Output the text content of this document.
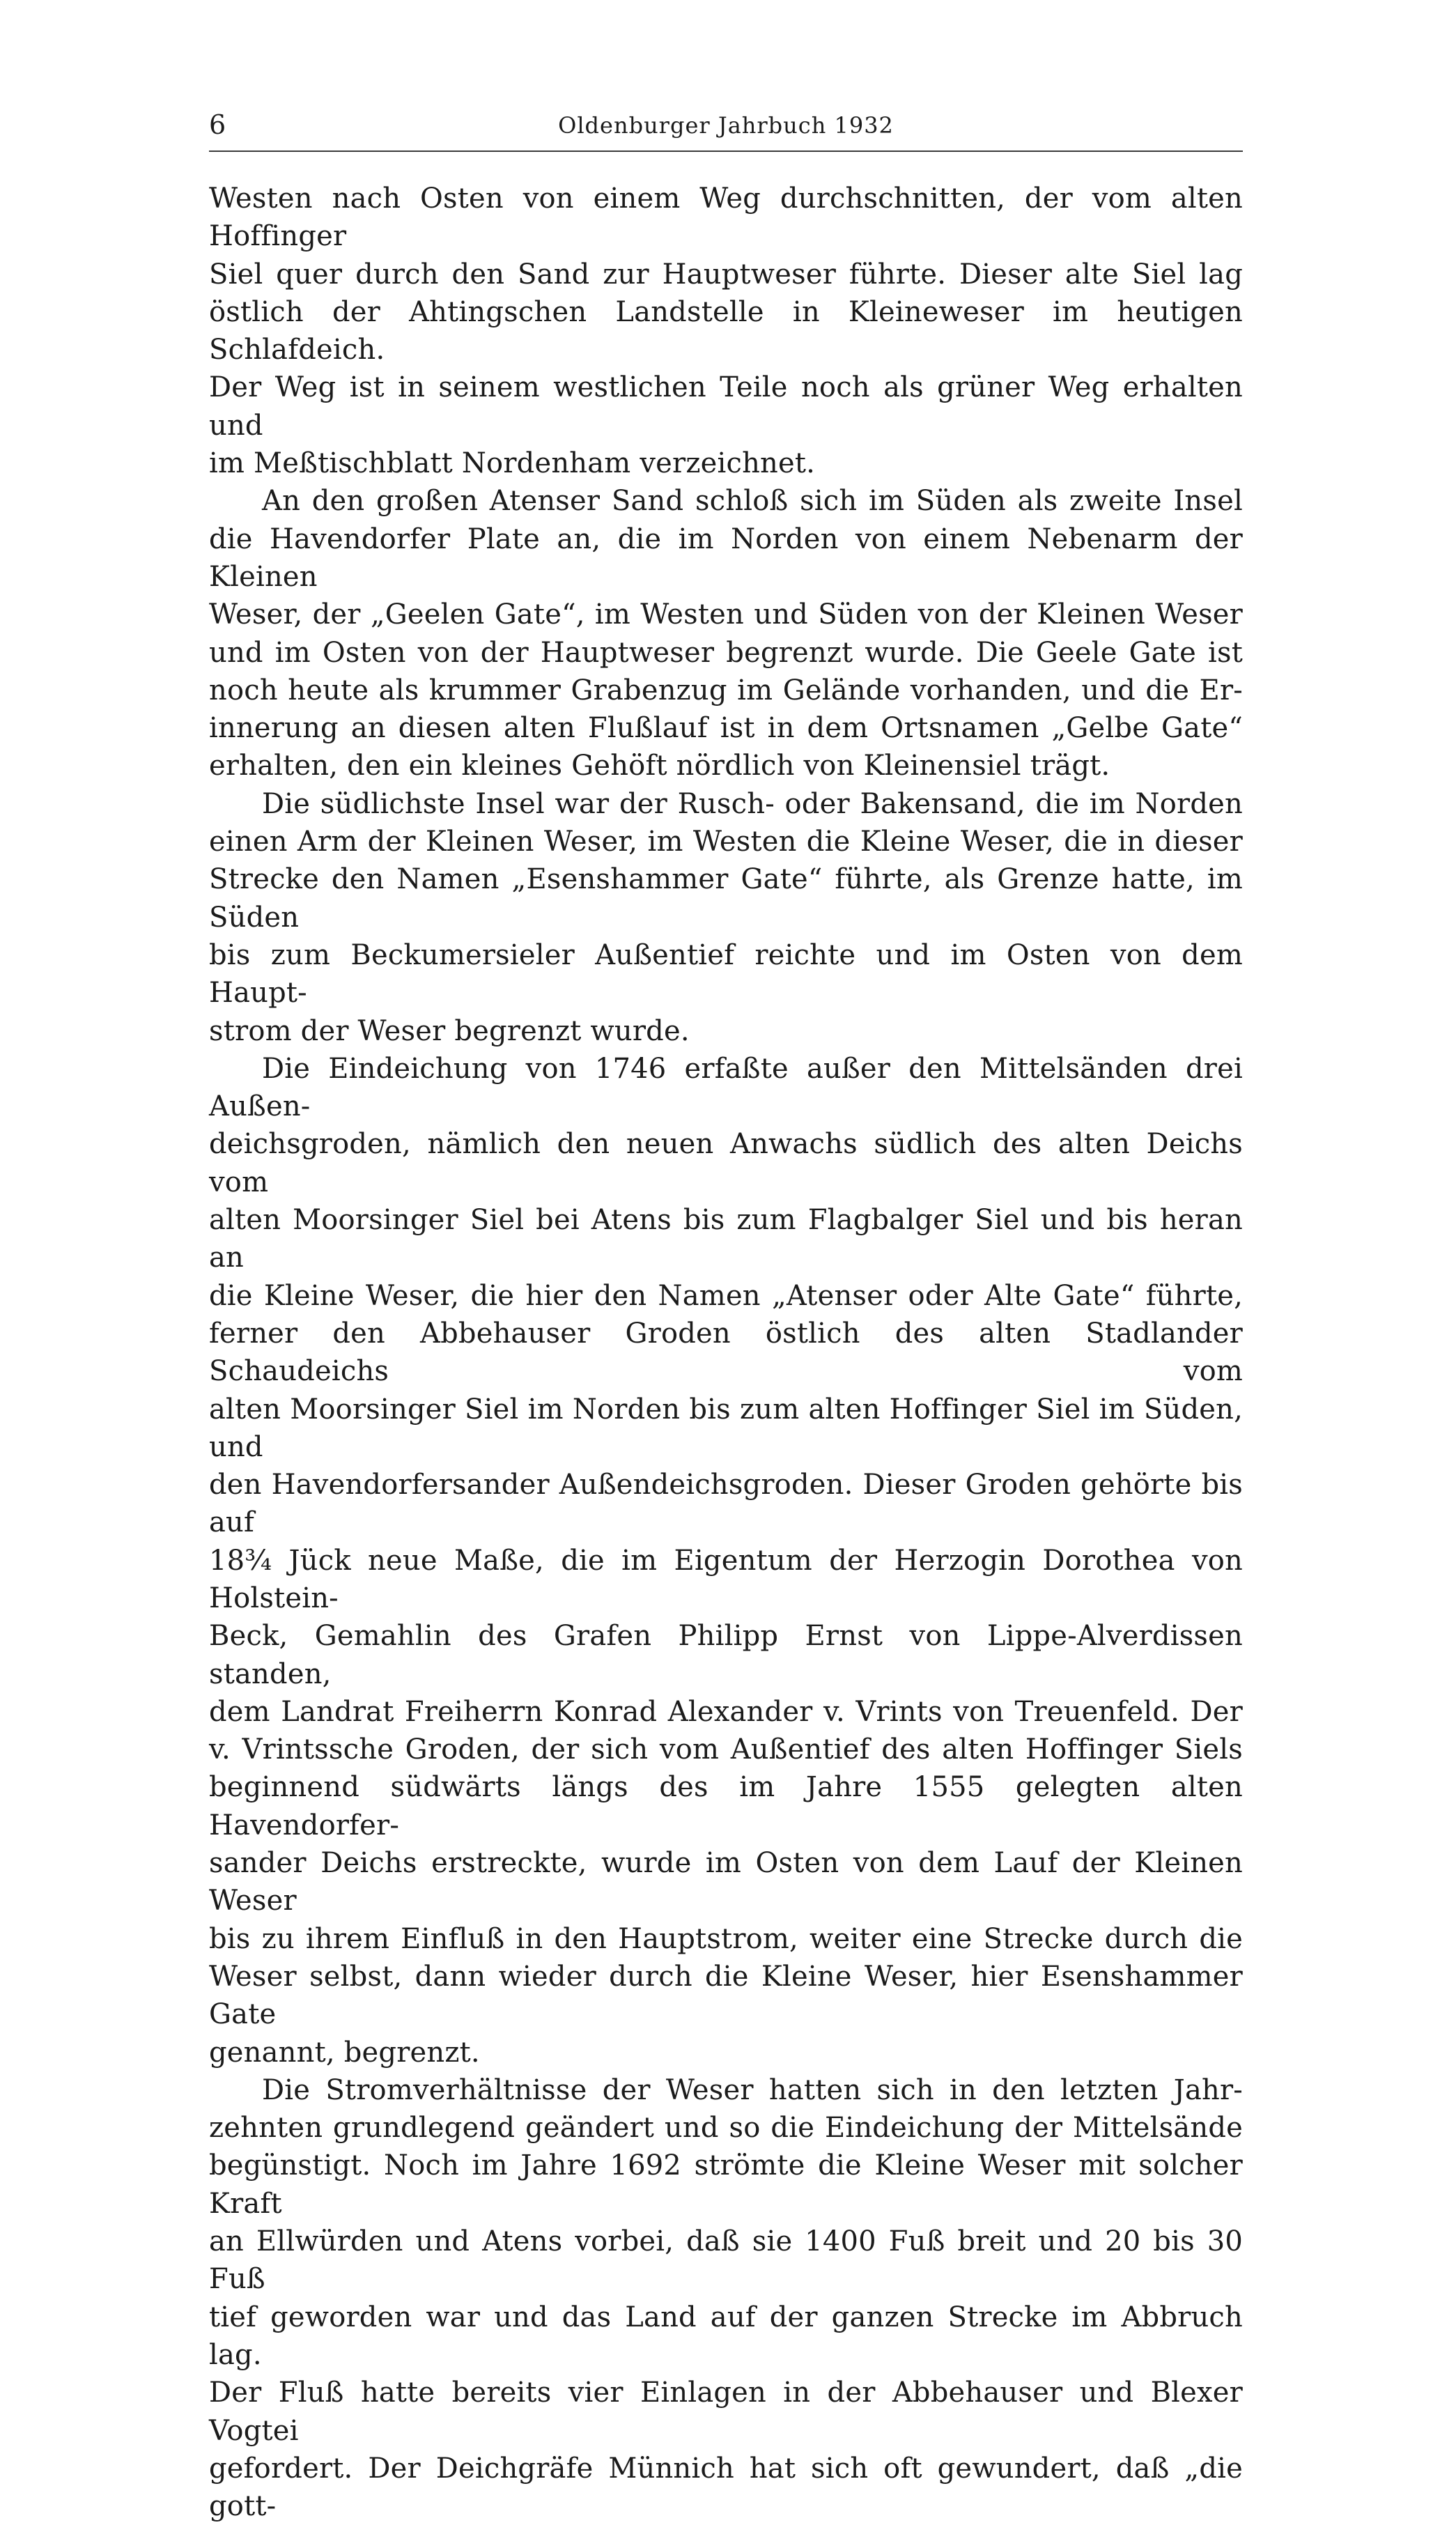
6	Oldenburger Jahrbuch 1932

Westen nach Osten von einem Weg durchschnitten, der vom alten Hoffinger

Siel quer durch den Sand zur Hauptweser führte. Dieser alte Siel lag

östlich der Ahtingschen Landstelle in Kleineweser im heutigen Schlafdeich.

Der Weg ist in seinem westlichen Teile noch als grüner Weg erhalten und

im Meßtischblatt Nordenham verzeichnet.

An den großen Atenser Sand schloß sich im Süden als zweite Insel

die Havendorfer Plate an, die im Norden von einem Nebenarm der Kleinen

Weser, der „Geelen Gate“, im Westen und Süden von der Kleinen Weser

und im Osten von der Hauptweser begrenzt wurde. Die Geele Gate ist

noch heute als krummer Grabenzug im Gelände vorhanden, und die Er-

innerung an diesen alten Flußlauf ist in dem Ortsnamen „Gelbe Gate“

erhalten, den ein kleines Gehöft nördlich von Kleinensiel trägt.

Die südlichste Insel war der Rusch- oder Bakensand, die im Norden

einen Arm der Kleinen Weser, im Westen die Kleine Weser, die in dieser

Strecke den Namen „Esenshammer Gate“ führte, als Grenze hatte, im Süden

bis zum Beckumersieler Außentief reichte und im Osten von dem Haupt-

strom der Weser begrenzt wurde.

Die Eindeichung von 1746 erfaßte außer den Mittelsänden drei Außen-

deichsgroden, nämlich den neuen Anwachs südlich des alten Deichs vom

alten Moorsinger Siel bei Atens bis zum Flagbalger Siel und bis heran an

die Kleine Weser, die hier den Namen „Atenser oder Alte Gate“ führte,

ferner den Abbehauser Groden östlich des alten Stadlander Schaudeichs vom

alten Moorsinger Siel im Norden bis zum alten Hoffinger Siel im Süden, und

den Havendorfersander Außendeichsgroden. Dieser Groden gehörte bis auf

18¾ Jück neue Maße, die im Eigentum der Herzogin Dorothea von Holstein-

Beck, Gemahlin des Grafen Philipp Ernst von Lippe-Alverdissen standen,

dem Landrat Freiherrn Konrad Alexander v. Vrints von Treuenfeld. Der

v. Vrintssche Groden, der sich vom Außentief des alten Hoffinger Siels

beginnend südwärts längs des im Jahre 1555 gelegten alten Havendorfer-

sander Deichs erstreckte, wurde im Osten von dem Lauf der Kleinen Weser

bis zu ihrem Einfluß in den Hauptstrom, weiter eine Strecke durch die

Weser selbst, dann wieder durch die Kleine Weser, hier Esenshammer Gate

genannt, begrenzt.

Die Stromverhältnisse der Weser hatten sich in den letzten Jahr-

zehnten grundlegend geändert und so die Eindeichung der Mittelsände

begünstigt. Noch im Jahre 1692 strömte die Kleine Weser mit solcher Kraft

an Ellwürden und Atens vorbei, daß sie 1400 Fuß breit und 20 bis 30 Fuß

tief geworden war und das Land auf der ganzen Strecke im Abbruch lag.

Der Fluß hatte bereits vier Einlagen in der Abbehauser und Blexer Vogtei

gefordert. Der Deichgräfe Münnich hat sich oft gewundert, daß „die gott-
